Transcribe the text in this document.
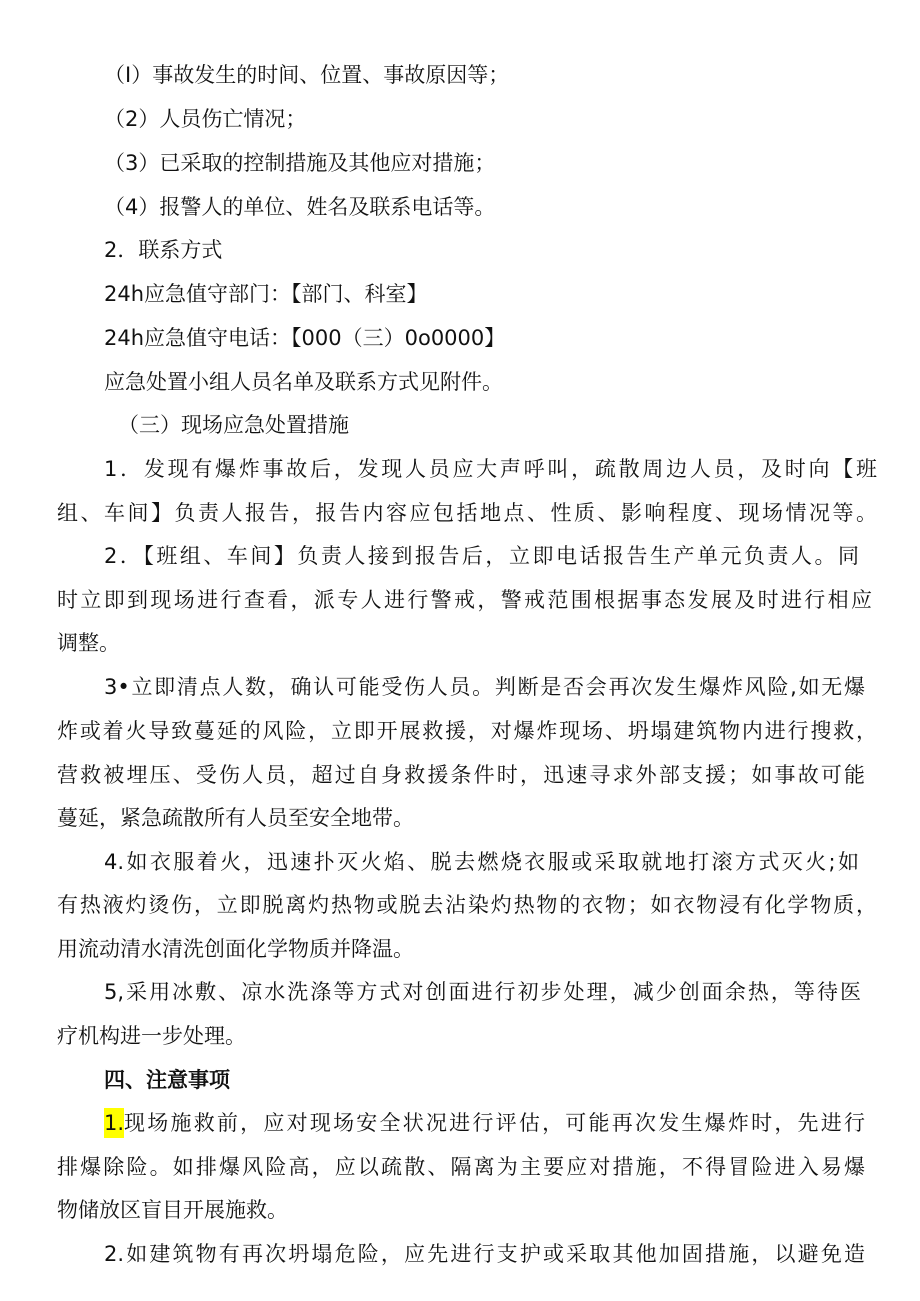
（I）事故发生的时间、位置、事故原因等；
（2）人员伤亡情况；
（3）已采取的控制措施及其他应对措施；
（4）报警人的单位、姓名及联系电话等。
2．联系方式
24h应急值守部门：【部门、科室】
24h应急值守电话：【000（三）0o0000】
应急处置小组人员名单及联系方式见附件。
（三）现场应急处置措施
1．发现有爆炸事故后，发现人员应大声呼叫，疏散周边人员，及时向【班
组、车间】负责人报告，报告内容应包括地点、性质、影响程度、现场情况等。
2．【班组、车间】负责人接到报告后，立即电话报告生产单元负责人。同
时立即到现场进行查看，派专人进行警戒，警戒范围根据事态发展及时进行相应
调整。
3•立即清点人数，确认可能受伤人员。判断是否会再次发生爆炸风险,如无爆
炸或着火导致蔓延的风险，立即开展救援，对爆炸现场、坍塌建筑物内进行搜救，
营救被埋压、受伤人员，超过自身救援条件时，迅速寻求外部支援；如事故可能
蔓延，紧急疏散所有人员至安全地带。
4.如衣服着火，迅速扑灭火焰、脱去燃烧衣服或采取就地打滚方式灭火;如
有热液灼烫伤，立即脱离灼热物或脱去沾染灼热物的衣物；如衣物浸有化学物质，
用流动清水清洗创面化学物质并降温。
5,采用冰敷、凉水洗涤等方式对创面进行初步处理，减少创面余热，等待医
疗机构进一步处理。
四、注意事项
1. 现场施救前，应对现场安全状况进行评估，可能再次发生爆炸时，先进行
排爆除险。如排爆风险高，应以疏散、隔离为主要应对措施，不得冒险进入易爆
物储放区盲目开展施救。
2.如建筑物有再次坍塌危险，应先进行支护或采取其他加固措施，以避免造
